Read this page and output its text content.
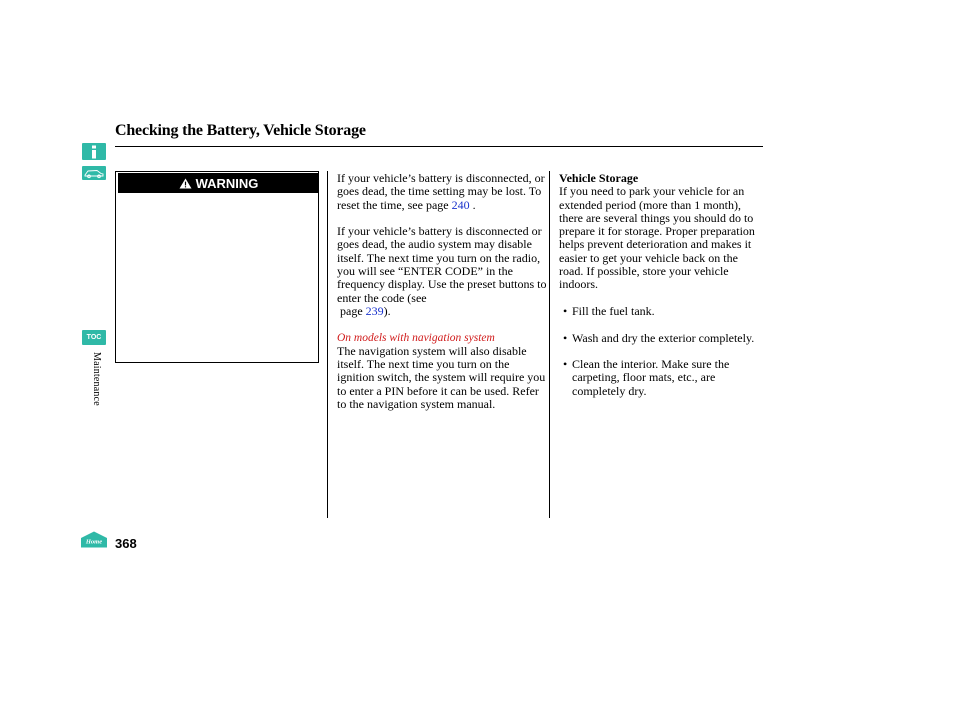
Checking the Battery, Vehicle Storage
TOC
Maintenance
Home 368
WARNING	If your vehicle’s battery is disconnected, or goes dead, the time setting may be lost. To reset the time, see page 240 .

If your vehicle’s battery is disconnected or goes dead, the audio system may disable itself. The next time you turn on the radio, you will see “ENTER CODE” in the frequency display. Use the preset buttons to enter the code (see
page 239).

On models with navigation system

The navigation system will also disable itself. The next time you turn on the ignition switch, the system will require you to enter a PIN before it can be used. Refer to the navigation system manual.

Vehicle Storage

If you need to park your vehicle for an extended period (more than 1 month), there are several things you should do to prepare it for storage. Proper preparation helps prevent deterioration and makes it easier to get your vehicle back on the road. If possible, store your vehicle indoors.

• Fill the fuel tank.
• Wash and dry the exterior completely.
• Clean the interior. Make sure the carpeting, floor mats, etc., are completely dry.
